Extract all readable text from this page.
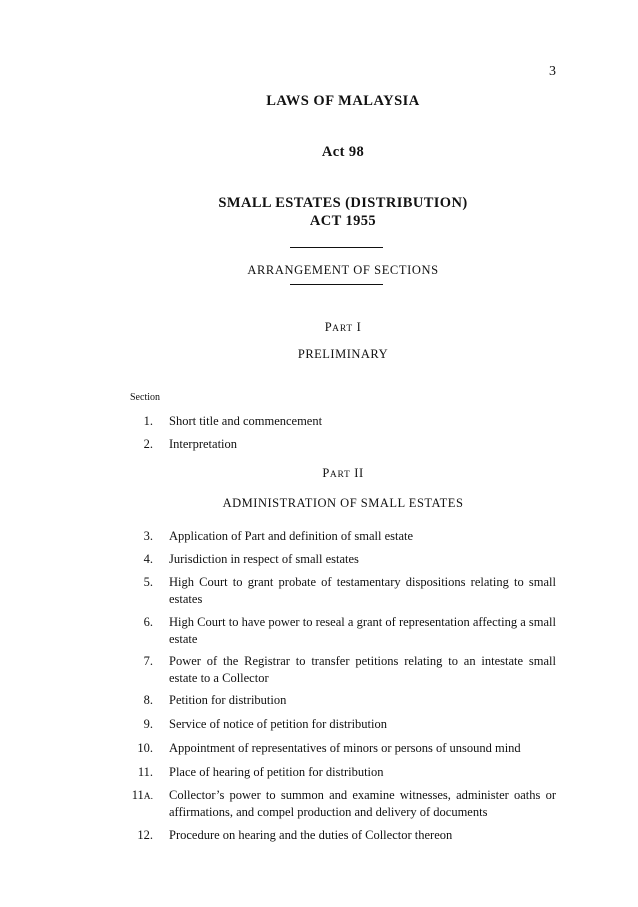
3
LAWS OF MALAYSIA
Act 98
SMALL ESTATES (DISTRIBUTION)
ACT 1955
ARRANGEMENT OF SECTIONS
PART I
PRELIMINARY
Section
1. Short title and commencement
2. Interpretation
PART II
ADMINISTRATION OF SMALL ESTATES
3. Application of Part and definition of small estate
4. Jurisdiction in respect of small estates
5. High Court to grant probate of testamentary dispositions relating to small estates
6. High Court to have power to reseal a grant of representation affecting a small estate
7. Power of the Registrar to transfer petitions relating to an intestate small estate to a Collector
8. Petition for distribution
9. Service of notice of petition for distribution
10. Appointment of representatives of minors or persons of unsound mind
11. Place of hearing of petition for distribution
11A. Collector’s power to summon and examine witnesses, administer oaths or affirmations, and compel production and delivery of documents
12. Procedure on hearing and the duties of Collector thereon
